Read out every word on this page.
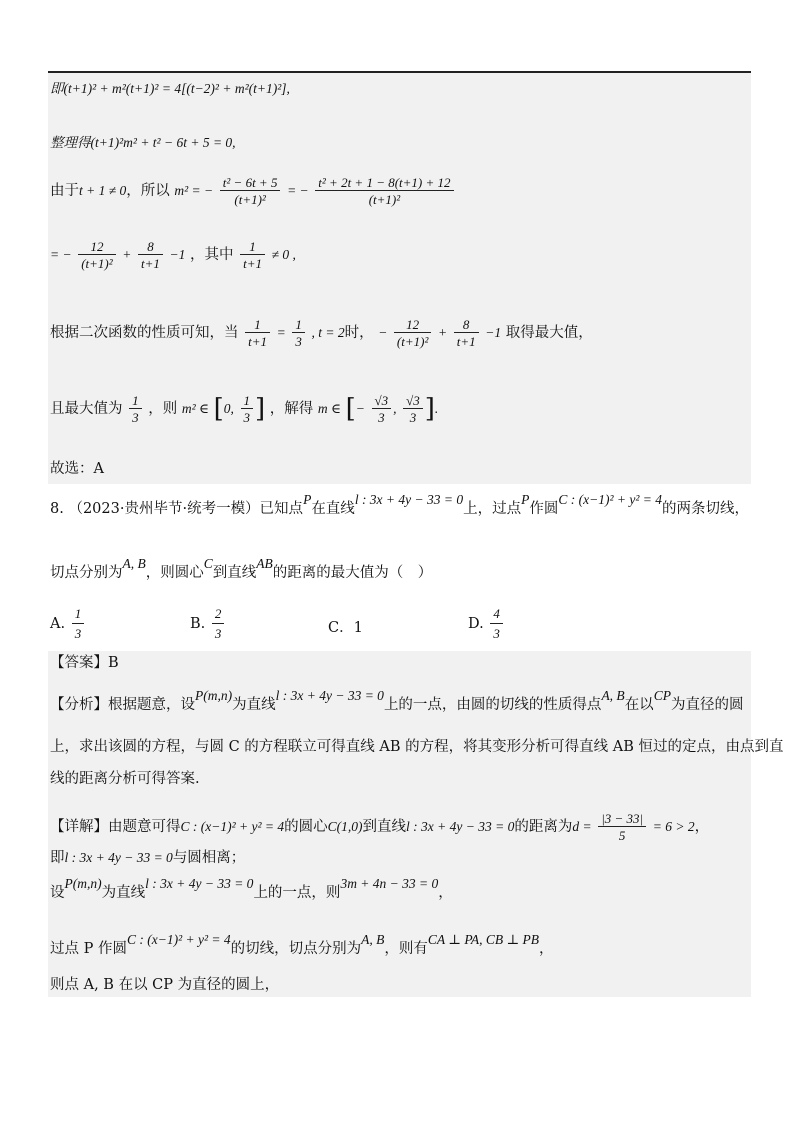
即(t+1)² + m²(t+1)² = 4[(t−2)² + m²(t+1)²],
整理得(t+1)²m² + t² − 6t + 5 = 0,
由于t + 1 ≠ 0，所以 m² = − $\frac{\text{t² − 6t + 5}}{\text{(t+1)²}}$ = − $\frac{\text{t² + 2t + 1 − 8(t+1) + 12}}{\text{(t+1)²}}$
= − $\frac{12}{\text{(t+1)²}} + \frac{8}{t+1} -1$ ，其中 $\frac{1}{t+1} \ne 0$ ,
根据二次函数的性质可知，当 $\frac{1}{t+1} = \frac{1}{3}$ , t = 2时， − $\frac{12}{\text{(t+1)²}} + \frac{8}{t+1} -1$ 取得最大值，
且最大值为 $\frac{1}{3}$ ，则 m² ∈ [0, $\frac{1}{3}$ ] ，解得 m ∈ [− $\frac{√3}{3}$ , $\frac{√3}{3}$ ].
故选：A
8. （2023·贵州毕节·统考一模）已知点P在直线l : 3x + 4y − 33 = 0上，过点P作圆C : (x−1)² + y² = 4的两条切线，
切点分别为A, B，则圆心C到直线AB的距离的最大值为（　）
A. $\frac{1}{3}$	B. $\frac{2}{3}$	C．1	D. $\frac{4}{3}$
【答案】B
【分析】根据题意，设P(m,n)为直线l : 3x + 4y − 33 = 0上的一点，由圆的切线的性质得点A, B在以CP为直径的圆
上，求出该圆的方程，与圆 C 的方程联立可得直线 AB 的方程，将其变形分析可得直线 AB 恒过的定点，由点到直
线的距离分析可得答案.
【详解】由题意可得C : (x−1)² + y² = 4的圆心C(1,0)到直线l : 3x + 4y − 33 = 0的距离为$d = \frac{|3 - 33|}{5} = 6 > 2$，
即l : 3x + 4y − 33 = 0与圆相离；
设P(m,n)为直线l : 3x + 4y − 33 = 0上的一点，则3m + 4n − 33 = 0，
过点 P 作圆C : (x−1)² + y² = 4的切线，切点分别为A, B，则有CA ⊥ PA, CB ⊥ PB，
则点 A, B 在以 CP 为直径的圆上，
